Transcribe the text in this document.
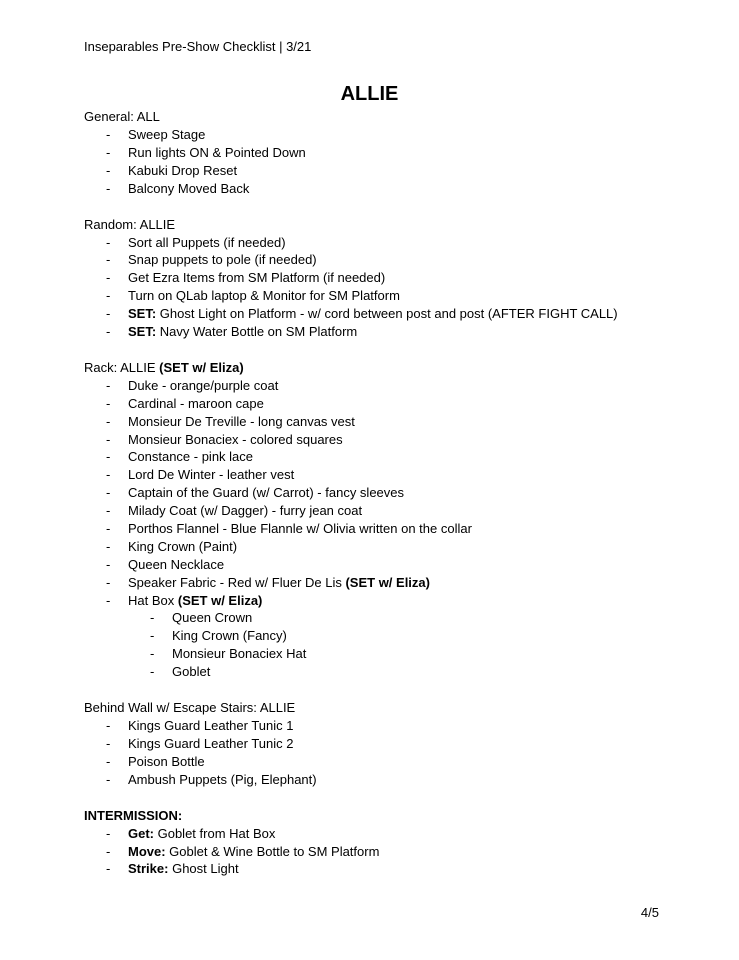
Inseparables Pre-Show Checklist | 3/21
ALLIE
General: ALL
- Sweep Stage
- Run lights ON & Pointed Down
- Kabuki Drop Reset
- Balcony Moved Back
Random: ALLIE
- Sort all Puppets (if needed)
- Snap puppets to pole (if needed)
- Get Ezra Items from SM Platform (if needed)
- Turn on QLab laptop & Monitor for SM Platform
- SET: Ghost Light on Platform - w/ cord between post and post (AFTER FIGHT CALL)
- SET: Navy Water Bottle on SM Platform
Rack: ALLIE (SET w/ Eliza)
- Duke - orange/purple coat
- Cardinal - maroon cape
- Monsieur De Treville - long canvas vest
- Monsieur Bonaciex - colored squares
- Constance - pink lace
- Lord De Winter - leather vest
- Captain of the Guard (w/ Carrot) - fancy sleeves
- Milady Coat (w/ Dagger) - furry jean coat
- Porthos Flannel - Blue Flannle w/ Olivia written on the collar
- King Crown (Paint)
- Queen Necklace
- Speaker Fabric - Red w/ Fluer De Lis (SET w/ Eliza)
- Hat Box (SET w/ Eliza)
- Queen Crown
- King Crown (Fancy)
- Monsieur Bonaciex Hat
- Goblet
Behind Wall w/ Escape Stairs: ALLIE
- Kings Guard Leather Tunic 1
- Kings Guard Leather Tunic 2
- Poison Bottle
- Ambush Puppets (Pig, Elephant)
INTERMISSION:
- Get: Goblet from Hat Box
- Move: Goblet & Wine Bottle to SM Platform
- Strike: Ghost Light
4/5
